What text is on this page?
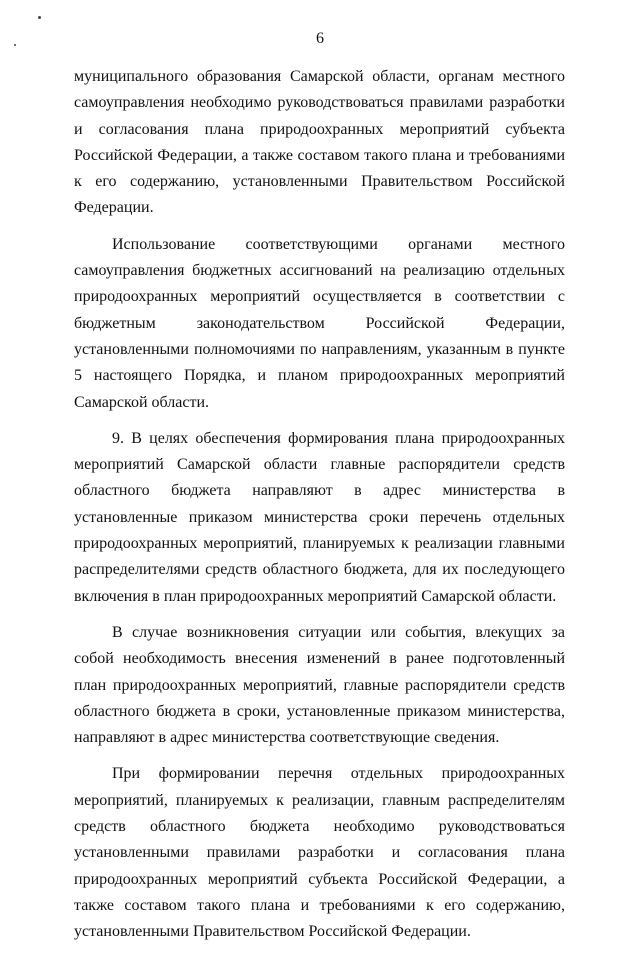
6

муниципального образования Самарской области, органам местного самоуправления необходимо руководствоваться правилами разработки и согласования плана природоохранных мероприятий субъекта Российской Федерации, а также составом такого плана и требованиями к его содержанию, установленными Правительством Российской Федерации.

Использование соответствующими органами местного самоуправления бюджетных ассигнований на реализацию отдельных природоохранных мероприятий осуществляется в соответствии с бюджетным законодательством Российской Федерации, установленными полномочиями по направлениям, указанным в пункте 5 настоящего Порядка, и планом природоохранных мероприятий Самарской области.

9. В целях обеспечения формирования плана природоохранных мероприятий Самарской области главные распорядители средств областного бюджета направляют в адрес министерства в установленные приказом министерства сроки перечень отдельных природоохранных мероприятий, планируемых к реализации главными распределителями средств областного бюджета, для их последующего включения в план природоохранных мероприятий Самарской области.

В случае возникновения ситуации или события, влекущих за собой необходимость внесения изменений в ранее подготовленный план природоохранных мероприятий, главные распорядители средств областного бюджета в сроки, установленные приказом министерства, направляют в адрес министерства соответствующие сведения.

При формировании перечня отдельных природоохранных мероприятий, планируемых к реализации, главным распределителям средств областного бюджета необходимо руководствоваться установленными правилами разработки и согласования плана природоохранных мероприятий субъекта Российской Федерации, а также составом такого плана и требованиями к его содержанию, установленными Правительством Российской Федерации.
